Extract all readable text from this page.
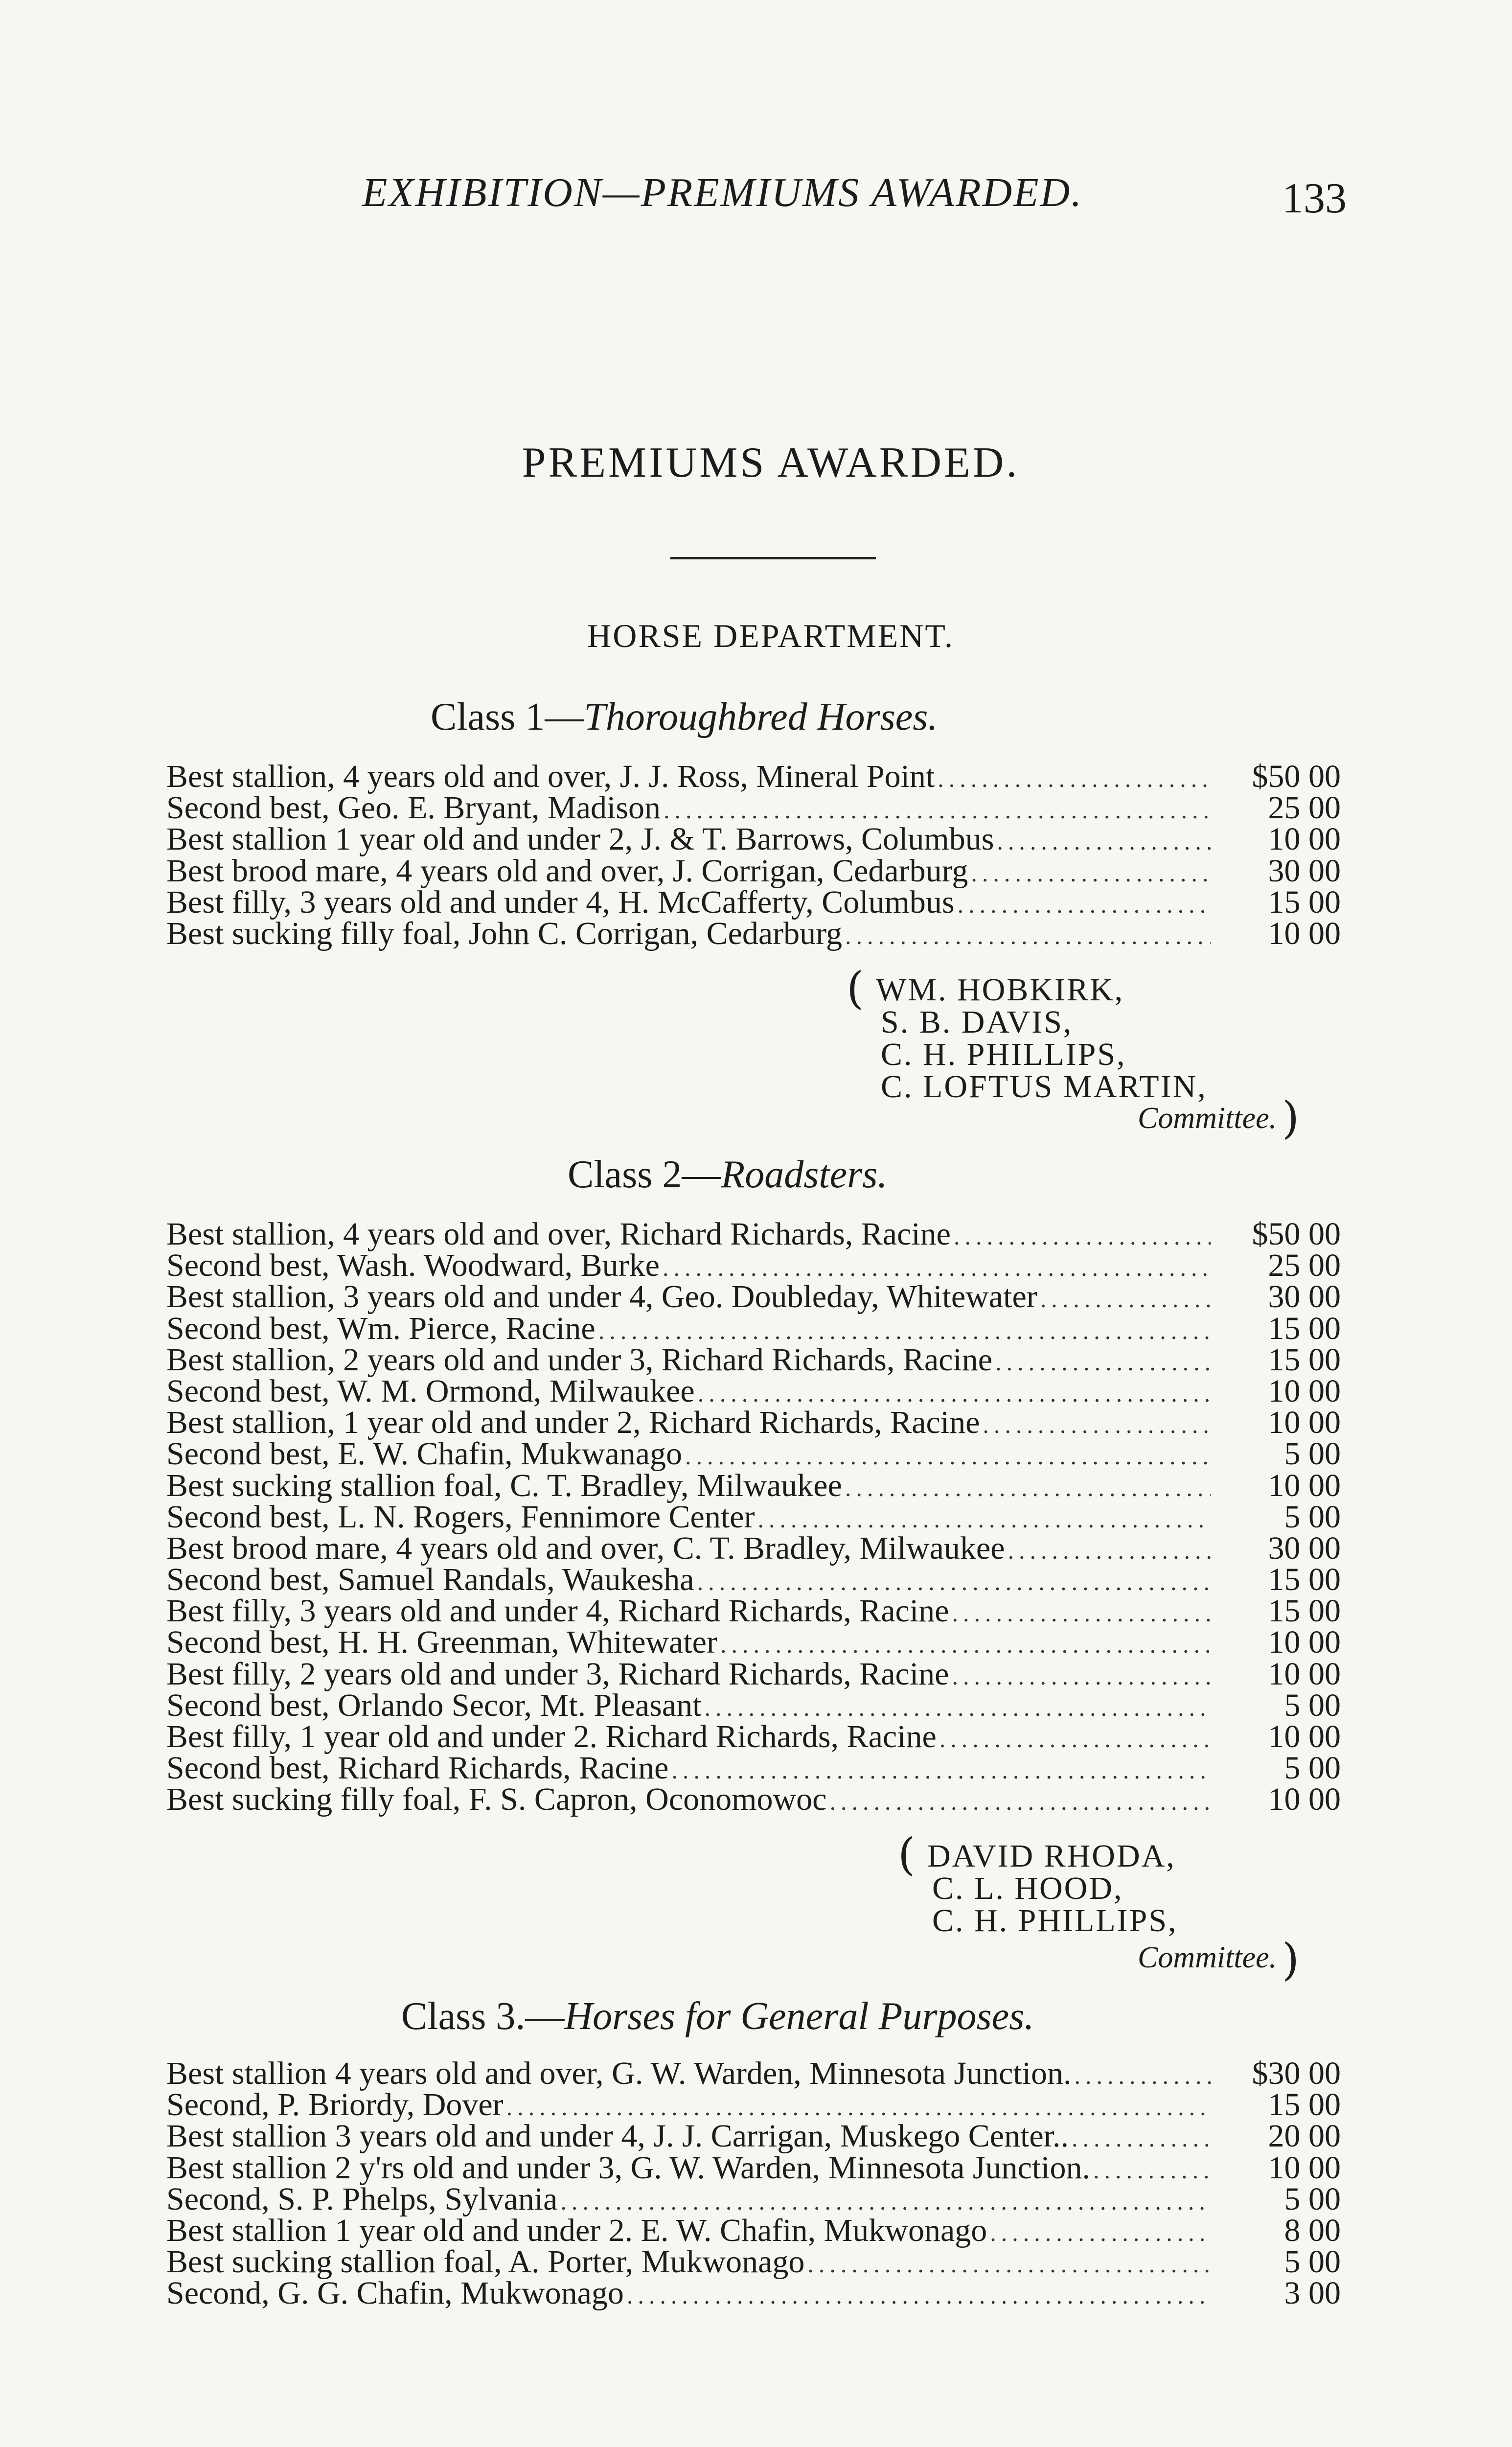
EXHIBITION—PREMIUMS AWARDED.	133
PREMIUMS AWARDED.
HORSE DEPARTMENT.
Class 1—Thoroughbred Horses.
Best stallion, 4 years old and over, J. J. Ross, Mineral Point .....	$50 00
Second best, Geo. E. Bryant, Madison .....	25 00
Best stallion 1 year old and under 2, J. & T. Barrows, Columbus .....	10 00
Best brood mare, 4 years old and over, J. Corrigan, Cedarburg .....	30 00
Best filly, 3 years old and under 4, H. McCafferty, Columbus .....	15 00
Best sucking filly foal, John C. Corrigan, Cedarburg .....	10 00
( WM. HOBKIRK,
S. B. DAVIS,
C. H. PHILLIPS,
C. LOFTUS MARTIN,
Committee. )
Class 2—Roadsters.
Best stallion, 4 years old and over, Richard Richards, Racine .....	$50 00
Second best, Wash. Woodward, Burke .....	25 00
Best stallion, 3 years old and under 4, Geo. Doubleday, Whitewater .....	30 00
Second best, Wm. Pierce, Racine .....	15 00
Best stallion, 2 years old and under 3, Richard Richards, Racine .....	15 00
Second best, W. M. Ormond, Milwaukee .....	10 00
Best stallion, 1 year old and under 2, Richard Richards, Racine .....	10 00
Second best, E. W. Chafin, Mukwanago .....	5 00
Best sucking stallion foal, C. T. Bradley, Milwaukee .....	10 00
Second best, L. N. Rogers, Fennimore Center .....	5 00
Best brood mare, 4 years old and over, C. T. Bradley, Milwaukee .....	30 00
Second best, Samuel Randals, Waukesha .....	15 00
Best filly, 3 years old and under 4, Richard Richards, Racine .....	15 00
Second best, H. H. Greenman, Whitewater .....	10 00
Best filly, 2 years old and under 3, Richard Richards, Racine .....	10 00
Second best, Orlando Secor, Mt. Pleasant .....	5 00
Best filly, 1 year old and under 2. Richard Richards, Racine .....	10 00
Second best, Richard Richards, Racine .....	5 00
Best sucking filly foal, F. S. Capron, Oconomowoc .....	10 00
( DAVID RHODA,
C. L. HOOD,
C. H. PHILLIPS,
Committee. )
Class 3.—Horses for General Purposes.
Best stallion 4 years old and over, G. W. Warden, Minnesota Junction. .....	$30 00
Second, P. Briordy, Dover .....	15 00
Best stallion 3 years old and under 4, J. J. Carrigan, Muskego Center.. .....	20 00
Best stallion 2 y'rs old and under 3, G. W. Warden, Minnesota Junction. .....	10 00
Second, S. P. Phelps, Sylvania .....	5 00
Best stallion 1 year old and under 2. E. W. Chafin, Mukwonago .....	8 00
Best sucking stallion foal, A. Porter, Mukwonago .....	5 00
Second, G. G. Chafin, Mukwonago .....	3 00
